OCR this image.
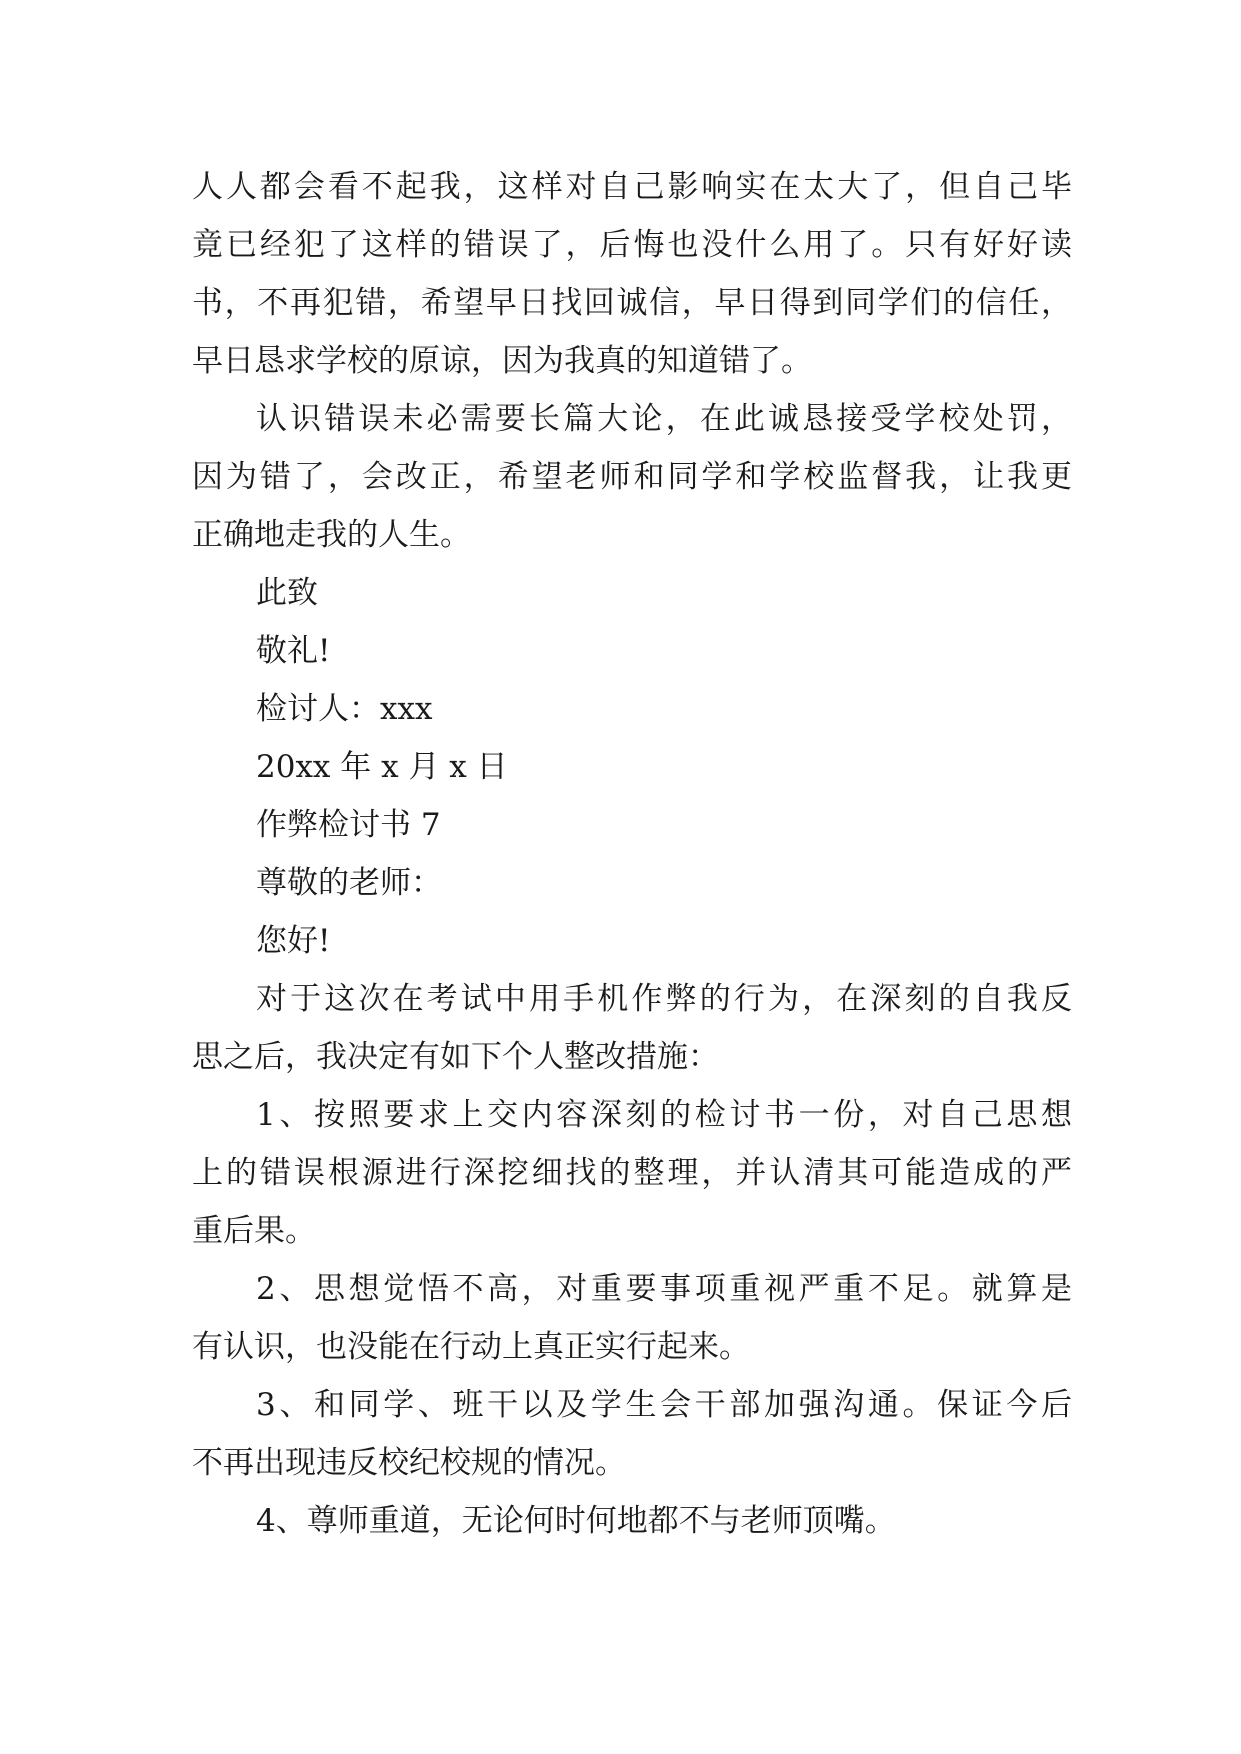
人人都会看不起我，这样对自己影响实在太大了，但自己毕
竟已经犯了这样的错误了，后悔也没什么用了。只有好好读
书，不再犯错，希望早日找回诚信，早日得到同学们的信任，
早日恳求学校的原谅，因为我真的知道错了。
认识错误未必需要长篇大论，在此诚恳接受学校处罚，
因为错了，会改正，希望老师和同学和学校监督我，让我更
正确地走我的人生。
此致
敬礼!
检讨人：xxx
20xx 年 x 月 x 日
作弊检讨书 7
尊敬的老师：
您好!
对于这次在考试中用手机作弊的行为，在深刻的自我反
思之后，我决定有如下个人整改措施：
1、按照要求上交内容深刻的检讨书一份，对自己思想
上的错误根源进行深挖细找的整理，并认清其可能造成的严
重后果。
2、思想觉悟不高，对重要事项重视严重不足。就算是
有认识，也没能在行动上真正实行起来。
3、和同学、班干以及学生会干部加强沟通。保证今后
不再出现违反校纪校规的情况。
4、尊师重道，无论何时何地都不与老师顶嘴。
